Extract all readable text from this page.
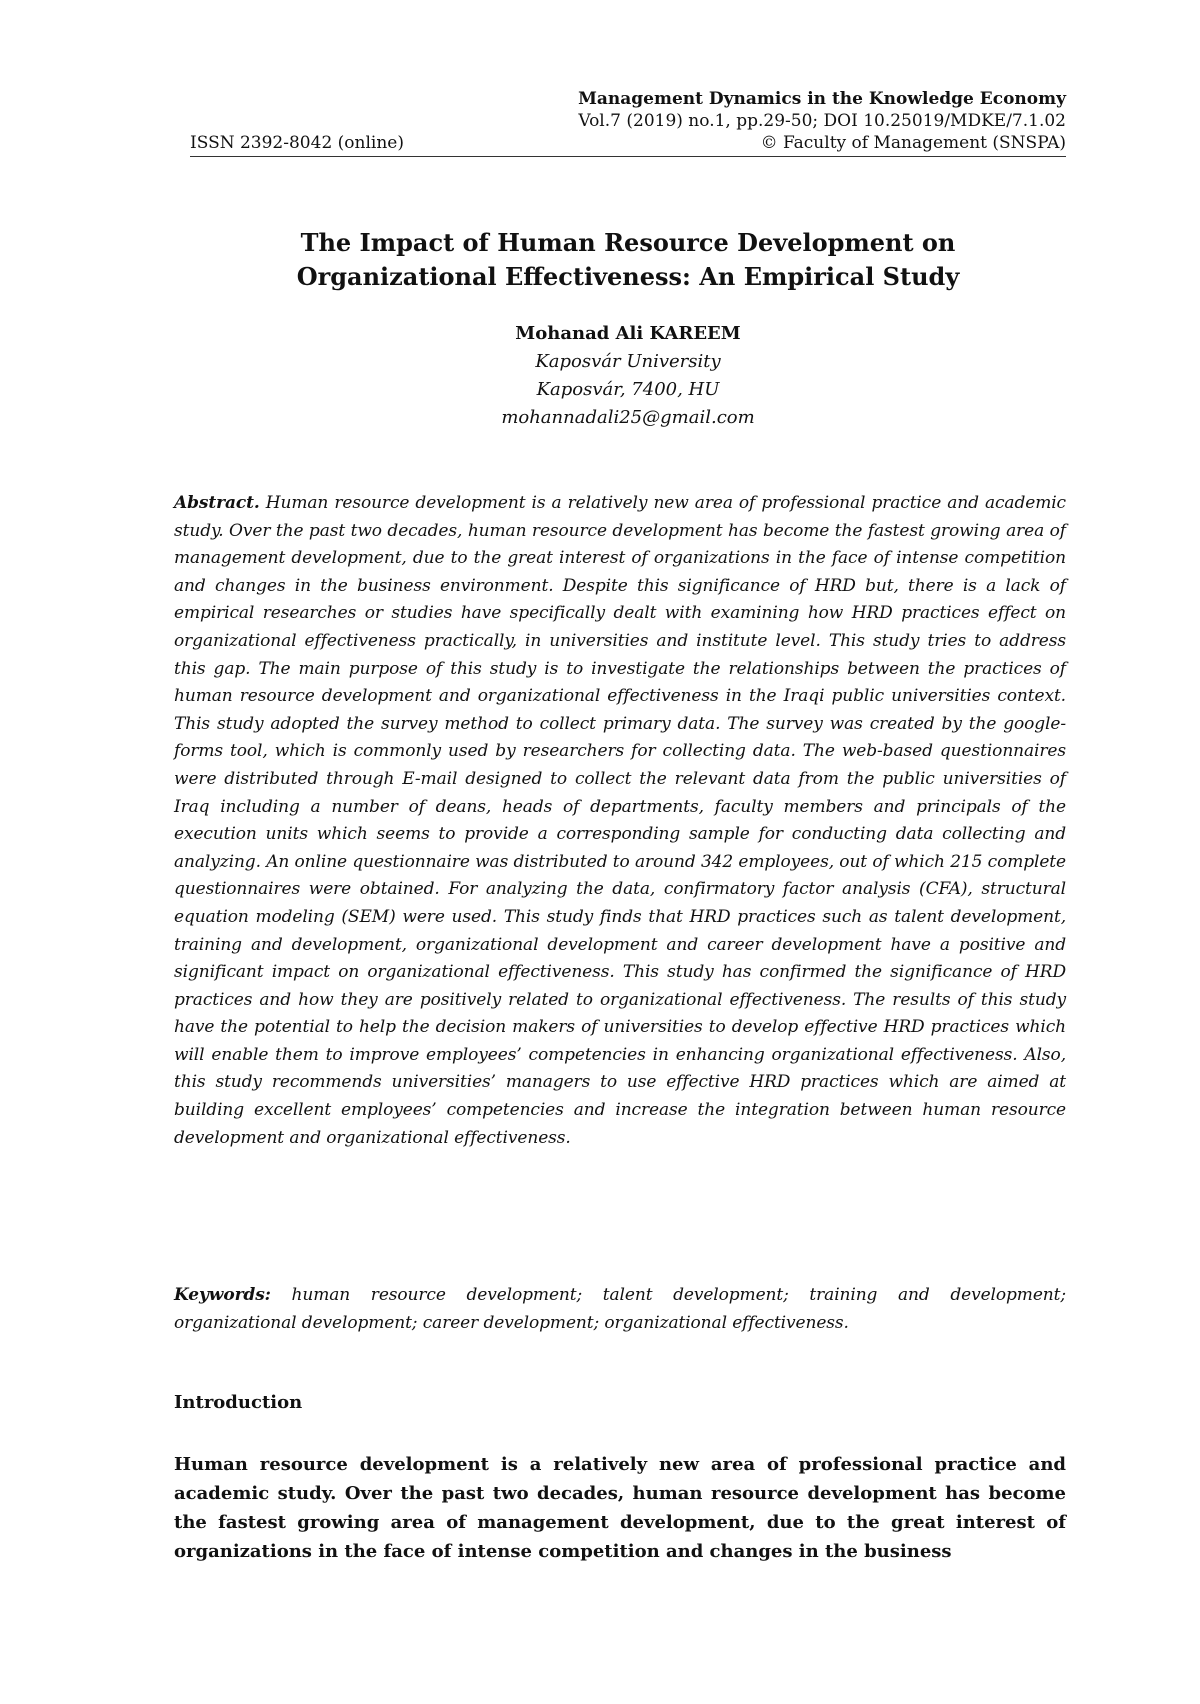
Management Dynamics in the Knowledge Economy
Vol.7 (2019) no.1, pp.29-50; DOI 10.25019/MDKE/7.1.02
ISSN 2392-8042 (online)	© Faculty of Management (SNSPA)
The Impact of Human Resource Development on
Organizational Effectiveness: An Empirical Study
Mohanad Ali KAREEM
Kaposvár University
Kaposvár, 7400, HU
mohannadali25@gmail.com
Abstract. Human resource development is a relatively new area of professional practice and academic study. Over the past two decades, human resource development has become the fastest growing area of management development, due to the great interest of organizations in the face of intense competition and changes in the business environment. Despite this significance of HRD but, there is a lack of empirical researches or studies have specifically dealt with examining how HRD practices effect on organizational effectiveness practically, in universities and institute level. This study tries to address this gap. The main purpose of this study is to investigate the relationships between the practices of human resource development and organizational effectiveness in the Iraqi public universities context. This study adopted the survey method to collect primary data. The survey was created by the google-forms tool, which is commonly used by researchers for collecting data. The web-based questionnaires were distributed through E-mail designed to collect the relevant data from the public universities of Iraq including a number of deans, heads of departments, faculty members and principals of the execution units which seems to provide a corresponding sample for conducting data collecting and analyzing. An online questionnaire was distributed to around 342 employees, out of which 215 complete questionnaires were obtained. For analyzing the data, confirmatory factor analysis (CFA), structural equation modeling (SEM) were used. This study finds that HRD practices such as talent development, training and development, organizational development and career development have a positive and significant impact on organizational effectiveness. This study has confirmed the significance of HRD practices and how they are positively related to organizational effectiveness. The results of this study have the potential to help the decision makers of universities to develop effective HRD practices which will enable them to improve employees’ competencies in enhancing organizational effectiveness. Also, this study recommends universities’ managers to use effective HRD practices which are aimed at building excellent employees’ competencies and increase the integration between human resource development and organizational effectiveness.
Keywords: human resource development; talent development; training and development; organizational development; career development; organizational effectiveness.
Introduction
Human resource development is a relatively new area of professional practice and academic study. Over the past two decades, human resource development has become the fastest growing area of management development, due to the great interest of organizations in the face of intense competition and changes in the business
